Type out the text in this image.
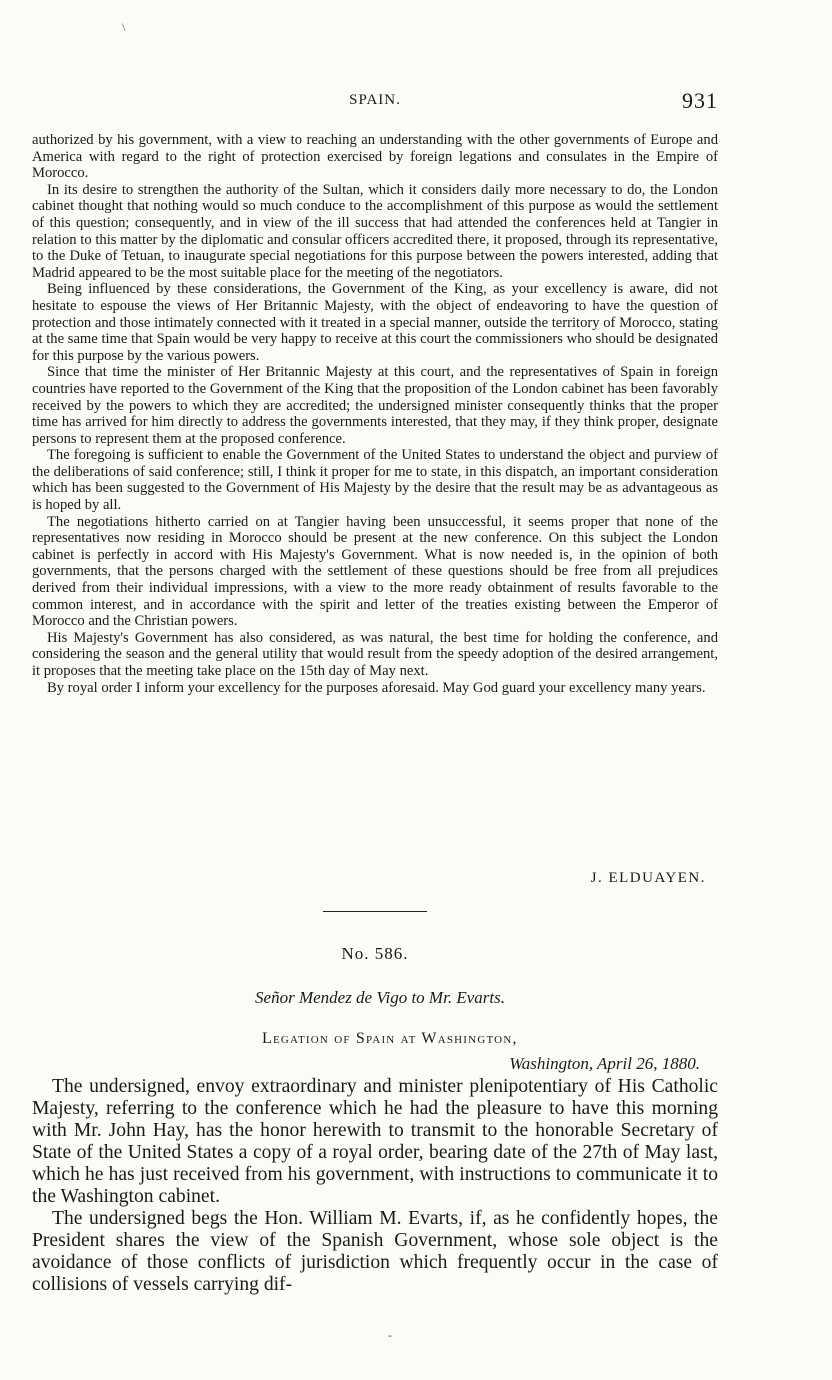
\
SPAIN.	931

authorized by his government, with a view to reaching an understanding with the other governments of Europe and America with regard to the right of protection exercised by foreign legations and consulates in the Empire of Morocco.

In its desire to strengthen the authority of the Sultan, which it considers daily more necessary to do, the London cabinet thought that nothing would so much conduce to the accomplishment of this purpose as would the settlement of this question; consequently, and in view of the ill success that had attended the conferences held at Tangier in relation to this matter by the diplomatic and consular officers accredited there, it proposed, through its representative, to the Duke of Tetuan, to inaugurate special negotiations for this purpose between the powers interested, adding that Madrid appeared to be the most suitable place for the meeting of the negotiators.

Being influenced by these considerations, the Government of the King, as your excellency is aware, did not hesitate to espouse the views of Her Britannic Majesty, with the object of endeavoring to have the question of protection and those intimately connected with it treated in a special manner, outside the territory of Morocco, stating at the same time that Spain would be very happy to receive at this court the commissioners who should be designated for this purpose by the various powers.

Since that time the minister of Her Britannic Majesty at this court, and the representatives of Spain in foreign countries have reported to the Government of the King that the proposition of the London cabinet has been favorably received by the powers to which they are accredited; the undersigned minister consequently thinks that the proper time has arrived for him directly to address the governments interested, that they may, if they think proper, designate persons to represent them at the proposed conference.

The foregoing is sufficient to enable the Government of the United States to understand the object and purview of the deliberations of said conference; still, I think it proper for me to state, in this dispatch, an important consideration which has been suggested to the Government of His Majesty by the desire that the result may be as advantageous as is hoped by all.

The negotiations hitherto carried on at Tangier having been unsuccessful, it seems proper that none of the representatives now residing in Morocco should be present at the new conference. On this subject the London cabinet is perfectly in accord with His Majesty's Government. What is now needed is, in the opinion of both governments, that the persons charged with the settlement of these questions should be free from all prejudices derived from their individual impressions, with a view to the more ready obtainment of results favorable to the common interest, and in accordance with the spirit and letter of the treaties existing between the Emperor of Morocco and the Christian powers.

His Majesty's Government has also considered, as was natural, the best time for holding the conference, and considering the season and the general utility that would result from the speedy adoption of the desired arrangement, it proposes that the meeting take place on the 15th day of May next.

By royal order I inform your excellency for the purposes aforesaid. May God guard your excellency many years.

J. ELDUAYEN.
No. 586.
Señor Mendez de Vigo to Mr. Evarts.
Legation of Spain at Washington,
Washington, April 26, 1880.

The undersigned, envoy extraordinary and minister plenipotentiary of His Catholic Majesty, referring to the conference which he had the pleasure to have this morning with Mr. John Hay, has the honor herewith to transmit to the honorable Secretary of State of the United States a copy of a royal order, bearing date of the 27th of May last, which he has just received from his government, with instructions to communicate it to the Washington cabinet.

The undersigned begs the Hon. William M. Evarts, if, as he confidently hopes, the President shares the view of the Spanish Government, whose sole object is the avoidance of those conflicts of jurisdiction which frequently occur in the case of collisions of vessels carrying dif-

-
